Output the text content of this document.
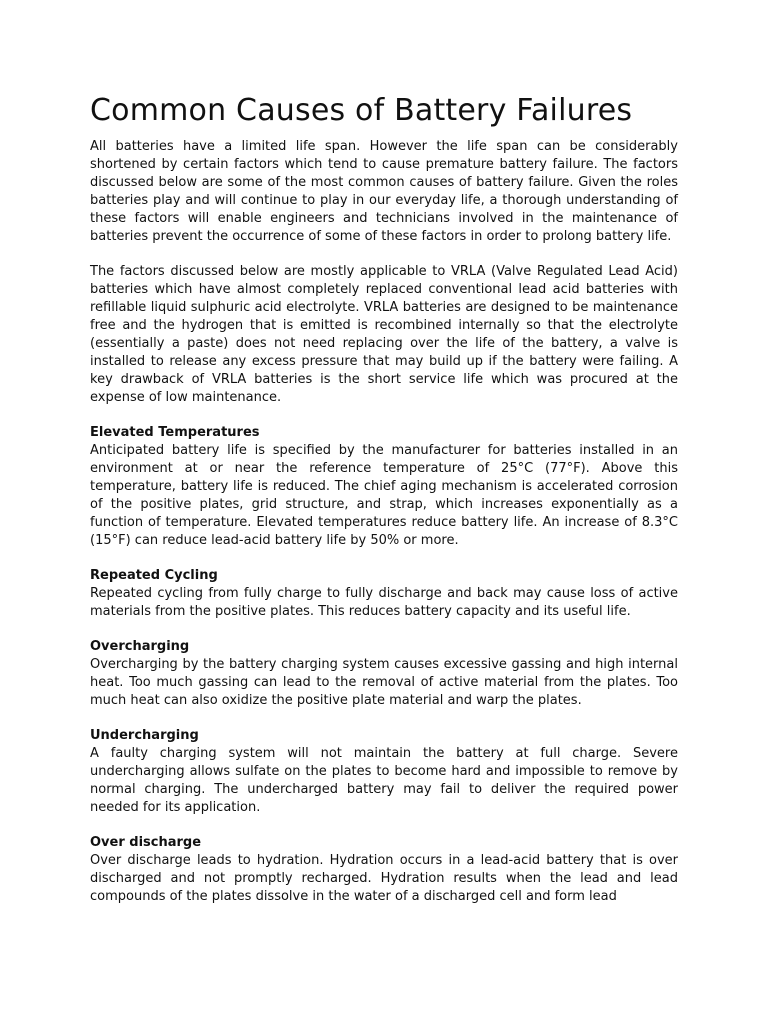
Common Causes of Battery Failures

All batteries have a limited life span. However the life span can be considerably shortened by certain factors which tend to cause premature battery failure. The factors discussed below are some of the most common causes of battery failure. Given the roles batteries play and will continue to play in our everyday life, a thorough understanding of these factors will enable engineers and technicians involved in the maintenance of batteries prevent the occurrence of some of these factors in order to prolong battery life.

The factors discussed below are mostly applicable to VRLA (Valve Regulated Lead Acid) batteries which have almost completely replaced conventional lead acid batteries with refillable liquid sulphuric acid electrolyte. VRLA batteries are designed to be maintenance free and the hydrogen that is emitted is recombined internally so that the electrolyte (essentially a paste) does not need replacing over the life of the battery, a valve is installed to release any excess pressure that may build up if the battery were failing. A key drawback of VRLA batteries is the short service life which was procured at the expense of low maintenance.

Elevated Temperatures

Anticipated battery life is specified by the manufacturer for batteries installed in an environment at or near the reference temperature of 25°C (77°F). Above this temperature, battery life is reduced. The chief aging mechanism is accelerated corrosion of the positive plates, grid structure, and strap, which increases exponentially as a function of temperature. Elevated temperatures reduce battery life. An increase of 8.3°C (15°F) can reduce lead-acid battery life by 50% or more.

Repeated Cycling

Repeated cycling from fully charge to fully discharge and back may cause loss of active materials from the positive plates. This reduces battery capacity and its useful life.

Overcharging

Overcharging by the battery charging system causes excessive gassing and high internal heat. Too much gassing can lead to the removal of active material from the plates. Too much heat can also oxidize the positive plate material and warp the plates.

Undercharging

A faulty charging system will not maintain the battery at full charge. Severe undercharging allows sulfate on the plates to become hard and impossible to remove by normal charging. The undercharged battery may fail to deliver the required power needed for its application.

Over discharge

Over discharge leads to hydration. Hydration occurs in a lead-acid battery that is over discharged and not promptly recharged. Hydration results when the lead and lead compounds of the plates dissolve in the water of a discharged cell and form lead
